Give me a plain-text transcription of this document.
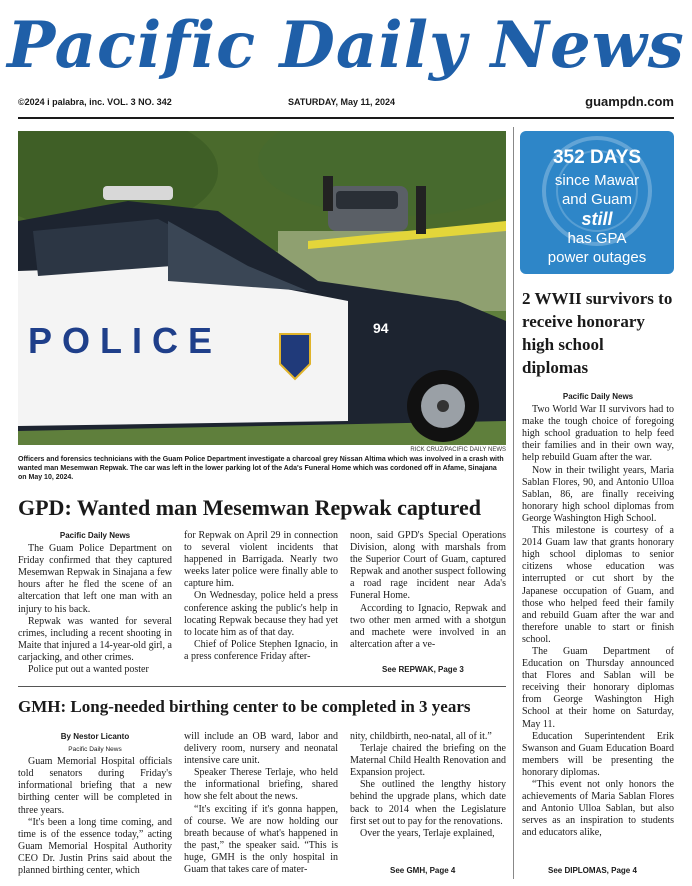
Pacific Daily News
©2024 i palabra, inc. VOL. 3 NO. 342	SATURDAY, May 11, 2024	guampdn.com
POLICE	94
RICK CRUZ/PACIFIC DAILY NEWS
Officers and forensics technicians with the Guam Police Department investigate a charcoal grey Nissan Altima which was involved in a crash with wanted man Mesemwan Repwak. The car was left in the lower parking lot of the Ada's Funeral Home which was cordoned off in Afame, Sinajana on May 10, 2024.
GPD: Wanted man Mesemwan Repwak captured

Pacific Daily News

The Guam Police Department on Friday confirmed that they captured Mesemwan Repwak in Sinajana a few hours after he fled the scene of an altercation that left one man with an injury to his back.

Repwak was wanted for several crimes, including a recent shooting in Maite that injured a 14-year-old girl, a carjacking, and other crimes.

Police put out a wanted poster

for Repwak on April 29 in connection to several violent incidents that happened in Barrigada. Nearly two weeks later police were finally able to capture him.

On Wednesday, police held a press conference asking the public's help in locating Repwak because they had yet to locate him as of that day.

Chief of Police Stephen Ignacio, in a press conference Friday after-

noon, said GPD's Special Operations Division, along with marshals from the Superior Court of Guam, captured Repwak and another suspect following a road rage incident near Ada's Funeral Home.

According to Ignacio, Repwak and two other men armed with a shotgun and machete were involved in an altercation after a ve-

See REPWAK, Page 3
GMH: Long-needed birthing center to be completed in 3 years

By Nestor Licanto

Pacific Daily News

Guam Memorial Hospital officials told senators during Friday's informational briefing that a new birthing center will be completed in three years.

“It's been a long time coming, and time is of the essence today,” acting Guam Memorial Hospital Authority CEO Dr. Justin Prins said about the planned birthing center, which

will include an OB ward, labor and delivery room, nursery and neonatal intensive care unit.

Speaker Therese Terlaje, who held the informational briefing, shared how she felt about the news.

“It's exciting if it's gonna happen, of course. We are now holding our breath because of what's happened in the past,” the speaker said. “This is huge, GMH is the only hospital in Guam that takes care of mater-

nity, childbirth, neo-natal, all of it.”

Terlaje chaired the briefing on the Maternal Child Health Renovation and Expansion project.

She outlined the lengthy history behind the upgrade plans, which date back to 2014 when the Legislature first set out to pay for the renovations.

Over the years, Terlaje explained,

See GMH, Page 4
352 DAYS
since Mawar
and Guam
still
has GPA
power outages
2 WWII survivors to receive honorary high school diplomas

Pacific Daily News

Two World War II survivors had to make the tough choice of foregoing high school graduation to help feed their families and in their own way, help rebuild Guam after the war.

Now in their twilight years, Maria Sablan Flores, 90, and Antonio Ulloa Sablan, 86, are finally receiving honorary high school diplomas from George Washington High School.

This milestone is courtesy of a 2014 Guam law that grants honorary high school diplomas to senior citizens whose education was interrupted or cut short by the Japanese occupation of Guam, and those who helped feed their family and rebuild Guam after the war and therefore unable to start or finish school.

The Guam Department of Education on Thursday announced that Flores and Sablan will be receiving their honorary diplomas from George Washington High School at their home on Saturday, May 11.

Education Superintendent Erik Swanson and Guam Education Board members will be presenting the honorary diplomas.

“This event not only honors the achievements of Maria Sablan Flores and Antonio Ulloa Sablan, but also serves as an inspiration to students and educators alike,

See DIPLOMAS, Page 4
